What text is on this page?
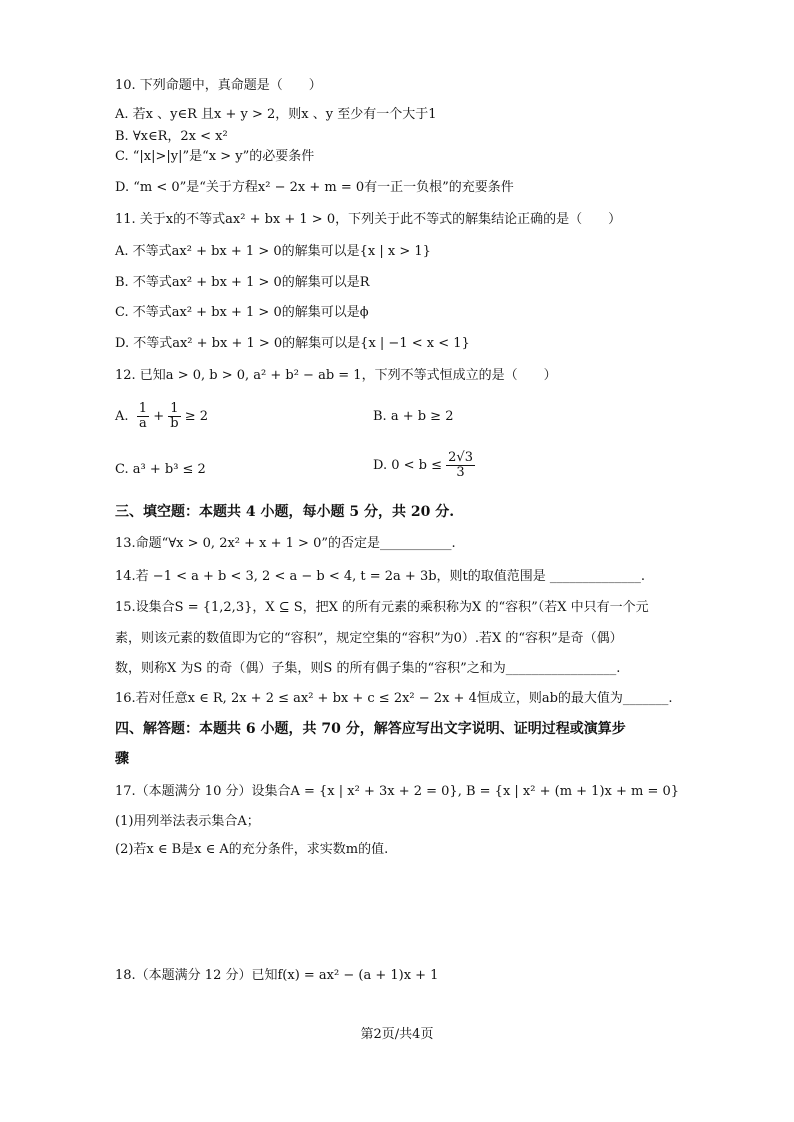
10. 下列命题中，真命题是（　　）
A. 若x 、y∈R 且x + y > 2，则x 、y 至少有一个大于1
B. ∀x∈R，2x < x²
C. “|x|>|y|”是“x > y”的必要条件
D. “m < 0”是“关于方程x² − 2x + m = 0有一正一负根”的充要条件
11. 关于x的不等式ax² + bx + 1 > 0，下列关于此不等式的解集结论正确的是（　　）
A. 不等式ax² + bx + 1 > 0的解集可以是{x | x > 1}
B. 不等式ax² + bx + 1 > 0的解集可以是R
C. 不等式ax² + bx + 1 > 0的解集可以是ϕ
D. 不等式ax² + bx + 1 > 0的解集可以是{x | −1 < x < 1}
12. 已知a > 0, b > 0, a² + b² − ab = 1，下列不等式恒成立的是（　　）
A. $\frac{1}{a} + \frac{1}{b} \ge 2$	B. a + b ≥ 2
C. a³ + b³ ≤ 2	D. $0 < b \le \frac{2√3}{3}$
三、填空题：本题共 4 小题，每小题 5 分，共 20 分.
13.命题“∀x > 0, 2x² + x + 1 > 0”的否定是___________.
14.若 −1 < a + b < 3, 2 < a − b < 4, t = 2a + 3b，则t的取值范围是 ______________.
15.设集合S = {1,2,3}，X ⊆ S，把X 的所有元素的乘积称为X 的“容积”（若X 中只有一个元
素，则该元素的数值即为它的“容积”，规定空集的“容积”为0）.若X 的“容积”是奇（偶）
数，则称X 为S 的奇（偶）子集，则S 的所有偶子集的“容积”之和为_________________.
16.若对任意x ∈ R, 2x + 2 ≤ ax² + bx + c ≤ 2x² − 2x + 4恒成立，则ab的最大值为_______.
四、解答题：本题共 6 小题，共 70 分，解答应写出文字说明、证明过程或演算步
骤
17.（本题满分 10 分）设集合A = {x | x² + 3x + 2 = 0}, B = {x | x² + (m + 1)x + m = 0}
(1)用列举法表示集合A；
(2)若x ∈ B是x ∈ A的充分条件，求实数m的值.
18.（本题满分 12 分）已知f(x) = ax² − (a + 1)x + 1
第2页/共4页
